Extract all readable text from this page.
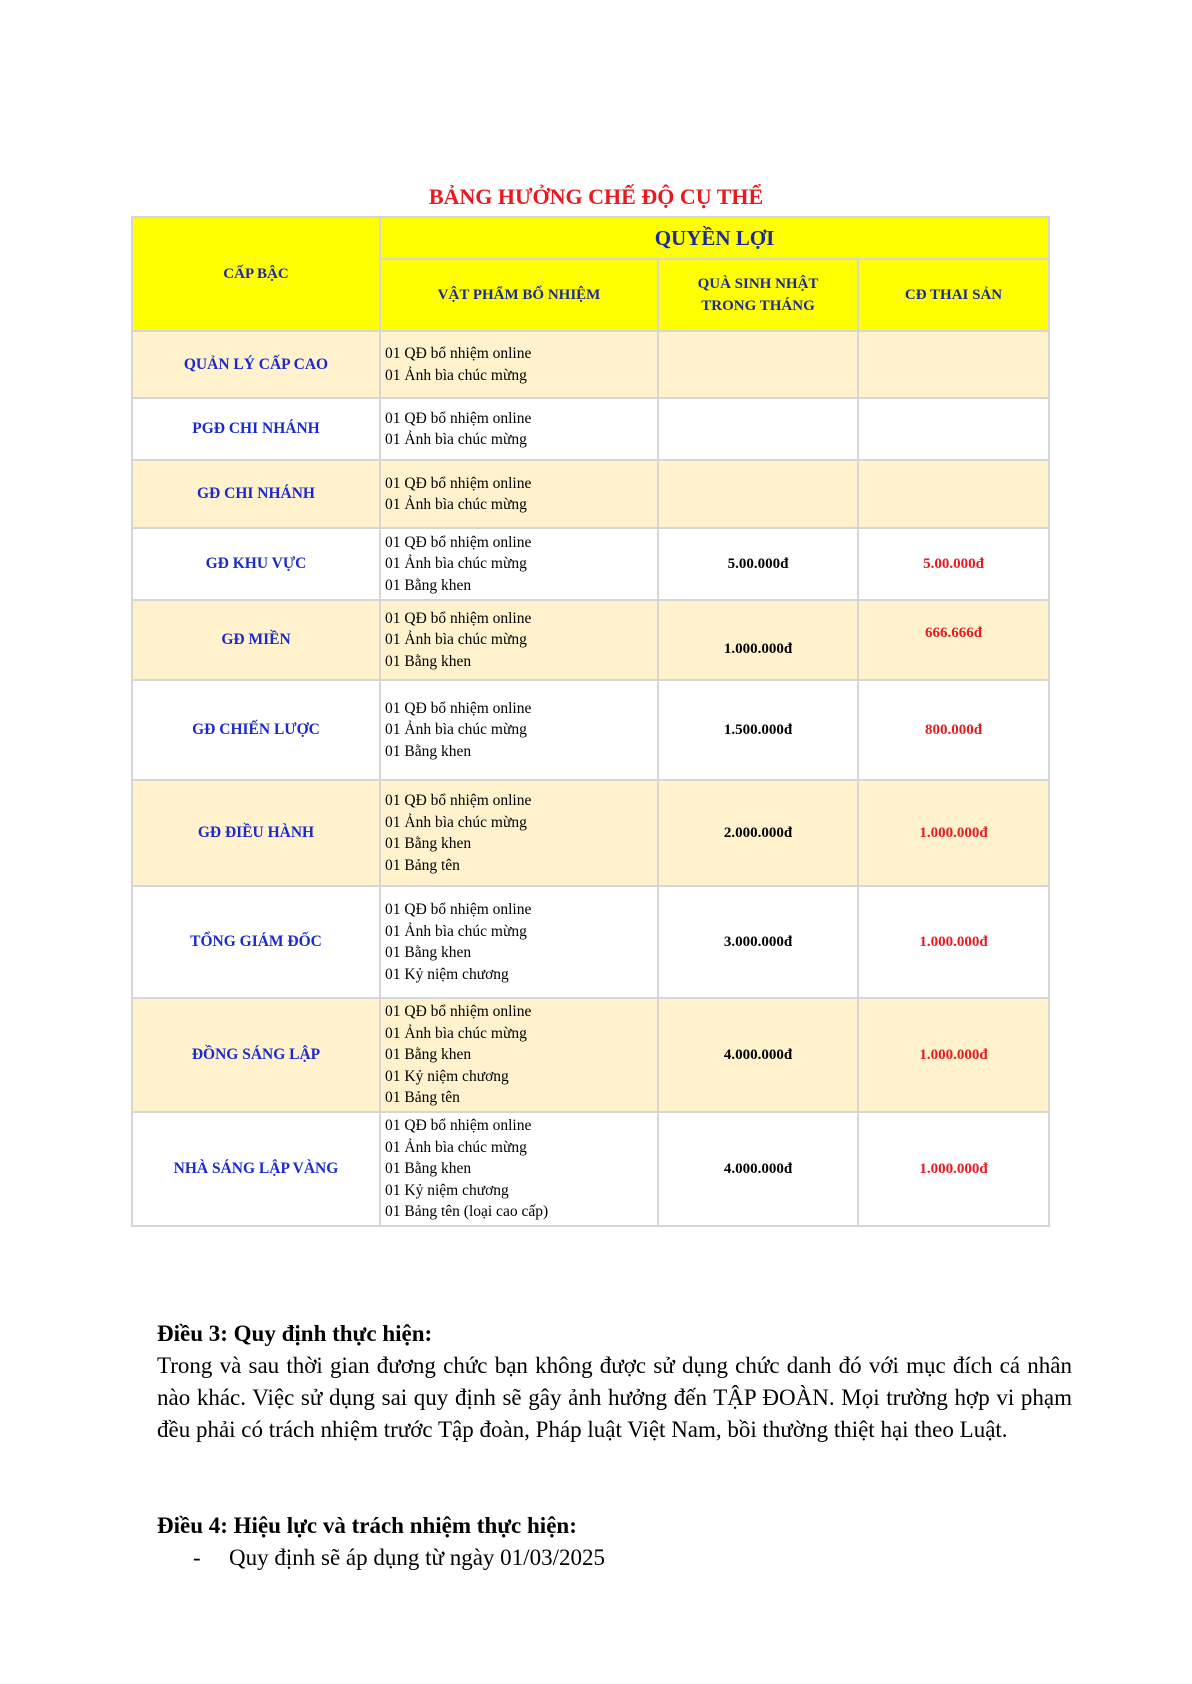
BẢNG HƯỞNG CHẾ ĐỘ CỤ THỂ
CẤP BẬC	QUYỀN LỢI		
	VẬT PHẨM BỔ NHIỆM	QUÀ SINH NHẬT TRONG THÁNG	CĐ THAI SẢN
QUẢN LÝ CẤP CAO	01 QĐ bổ nhiệm online
01 Ảnh bìa chúc mừng		

PGĐ CHI NHÁNH	01 QĐ bổ nhiệm online
01 Ảnh bìa chúc mừng		

GĐ CHI NHÁNH	01 QĐ bổ nhiệm online
01 Ảnh bìa chúc mừng		

GĐ KHU VỰC	01 QĐ bổ nhiệm online
01 Ảnh bìa chúc mừng
01 Bằng khen	5.00.000đ	5.00.000đ
GĐ MIỀN	01 QĐ bổ nhiệm online
01 Ảnh bìa chúc mừng
01 Bằng khen	1.000.000đ	666.666đ
GĐ CHIẾN LƯỢC	01 QĐ bổ nhiệm online
01 Ảnh bìa chúc mừng
01 Bằng khen	1.500.000đ	800.000đ
GĐ ĐIỀU HÀNH	01 QĐ bổ nhiệm online
01 Ảnh bìa chúc mừng
01 Bằng khen
01 Bảng tên	2.000.000đ	1.000.000đ
TỔNG GIÁM ĐỐC	01 QĐ bổ nhiệm online
01 Ảnh bìa chúc mừng
01 Bằng khen
01 Kỷ niệm chương	3.000.000đ	1.000.000đ
ĐỒNG SÁNG LẬP	01 QĐ bổ nhiệm online
01 Ảnh bìa chúc mừng
01 Bằng khen
01 Kỷ niệm chương
01 Bảng tên	4.000.000đ	1.000.000đ
NHÀ SÁNG LẬP VÀNG	01 QĐ bổ nhiệm online
01 Ảnh bìa chúc mừng
01 Bằng khen
01 Kỷ niệm chương
01 Bảng tên (loại cao cấp)	4.000.000đ	1.000.000đ
Điều 3: Quy định thực hiện:
Trong và sau thời gian đương chức bạn không được sử dụng chức danh đó với mục đích cá nhân nào khác. Việc sử dụng sai quy định sẽ gây ảnh hưởng đến TẬP ĐOÀN. Mọi trường hợp vi phạm đều phải có trách nhiệm trước Tập đoàn, Pháp luật Việt Nam, bồi thường thiệt hại theo Luật.
Điều 4: Hiệu lực và trách nhiệm thực hiện:
- Quy định sẽ áp dụng từ ngày 01/03/2025
